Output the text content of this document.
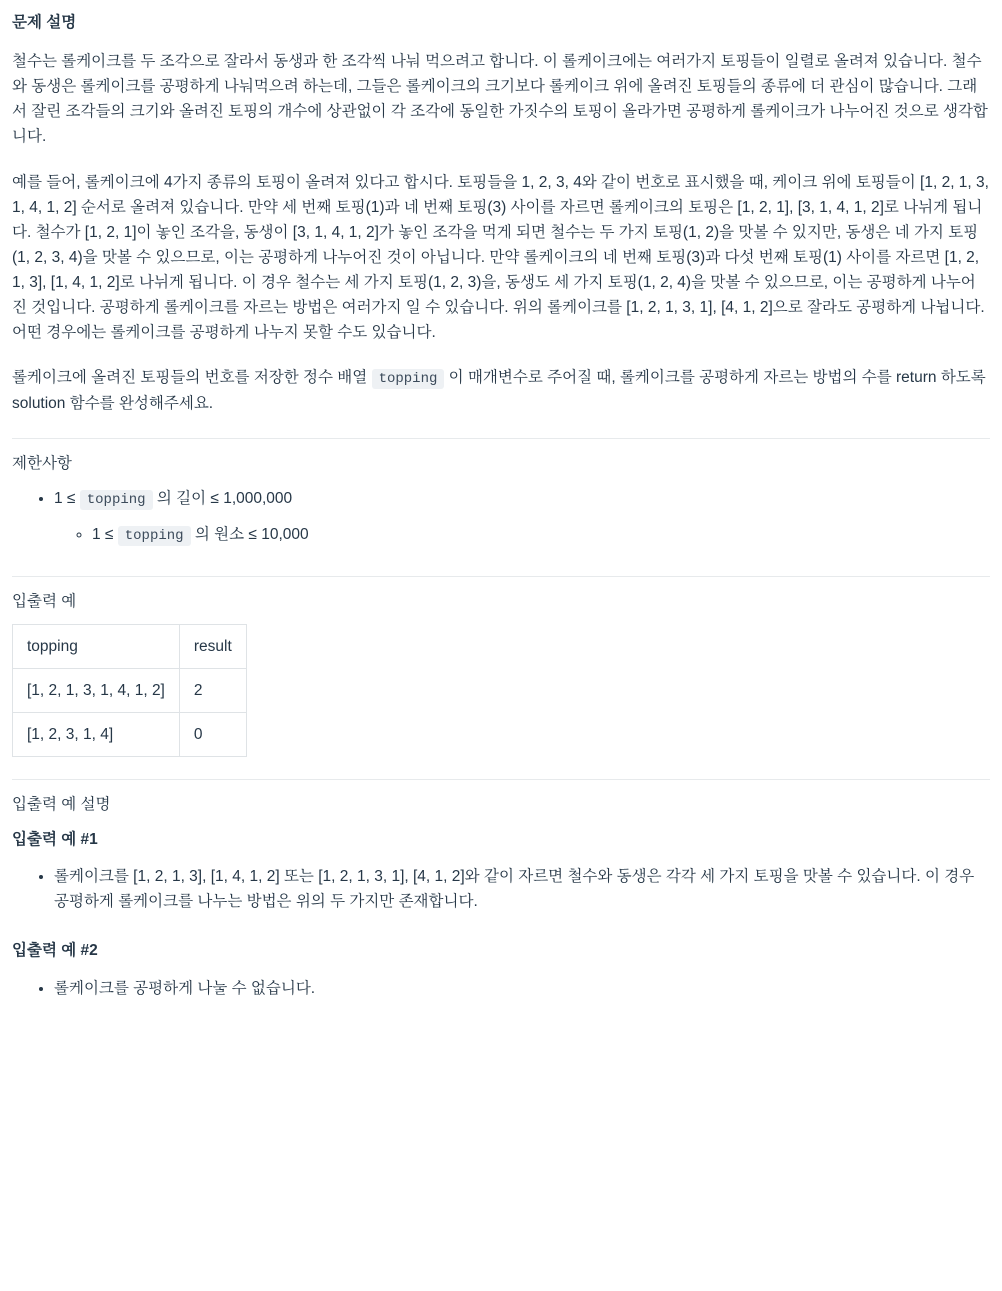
문제 설명

철수는 롤케이크를 두 조각으로 잘라서 동생과 한 조각씩 나눠 먹으려고 합니다. 이 롤케이크에는 여러가지 토핑들이 일렬로 올려져 있습니다. 철수와 동생은 롤케이크를 공평하게 나눠먹으려 하는데, 그들은 롤케이크의 크기보다 롤케이크 위에 올려진 토핑들의 종류에 더 관심이 많습니다. 그래서 잘린 조각들의 크기와 올려진 토핑의 개수에 상관없이 각 조각에 동일한 가짓수의 토핑이 올라가면 공평하게 롤케이크가 나누어진 것으로 생각합니다.

예를 들어, 롤케이크에 4가지 종류의 토핑이 올려져 있다고 합시다. 토핑들을 1, 2, 3, 4와 같이 번호로 표시했을 때, 케이크 위에 토핑들이 [1, 2, 1, 3, 1, 4, 1, 2] 순서로 올려져 있습니다. 만약 세 번째 토핑(1)과 네 번째 토핑(3) 사이를 자르면 롤케이크의 토핑은 [1, 2, 1], [3, 1, 4, 1, 2]로 나뉘게 됩니다. 철수가 [1, 2, 1]이 놓인 조각을, 동생이 [3, 1, 4, 1, 2]가 놓인 조각을 먹게 되면 철수는 두 가지 토핑(1, 2)을 맛볼 수 있지만, 동생은 네 가지 토핑(1, 2, 3, 4)을 맛볼 수 있으므로, 이는 공평하게 나누어진 것이 아닙니다. 만약 롤케이크의 네 번째 토핑(3)과 다섯 번째 토핑(1) 사이를 자르면 [1, 2, 1, 3], [1, 4, 1, 2]로 나뉘게 됩니다. 이 경우 철수는 세 가지 토핑(1, 2, 3)을, 동생도 세 가지 토핑(1, 2, 4)을 맛볼 수 있으므로, 이는 공평하게 나누어진 것입니다. 공평하게 롤케이크를 자르는 방법은 여러가지 일 수 있습니다. 위의 롤케이크를 [1, 2, 1, 3, 1], [4, 1, 2]으로 잘라도 공평하게 나뉩니다. 어떤 경우에는 롤케이크를 공평하게 나누지 못할 수도 있습니다.

롤케이크에 올려진 토핑들의 번호를 저장한 정수 배열 topping 이 매개변수로 주어질 때, 롤케이크를 공평하게 자르는 방법의 수를 return 하도록 solution 함수를 완성해주세요.

제한사항
• 1 ≤ topping 의 길이 ≤ 1,000,000
◦ 1 ≤ topping 의 원소 ≤ 10,000
입출력 예
topping	result
[1, 2, 1, 3, 1, 4, 1, 2]	2
[1, 2, 3, 1, 4]	0
입출력 예 설명
입출력 예 #1
• 롤케이크를 [1, 2, 1, 3], [1, 4, 1, 2] 또는 [1, 2, 1, 3, 1], [4, 1, 2]와 같이 자르면 철수와 동생은 각각 세 가지 토핑을 맛볼 수 있습니다. 이 경우 공평하게 롤케이크를 나누는 방법은 위의 두 가지만 존재합니다.
입출력 예 #2
• 롤케이크를 공평하게 나눌 수 없습니다.
